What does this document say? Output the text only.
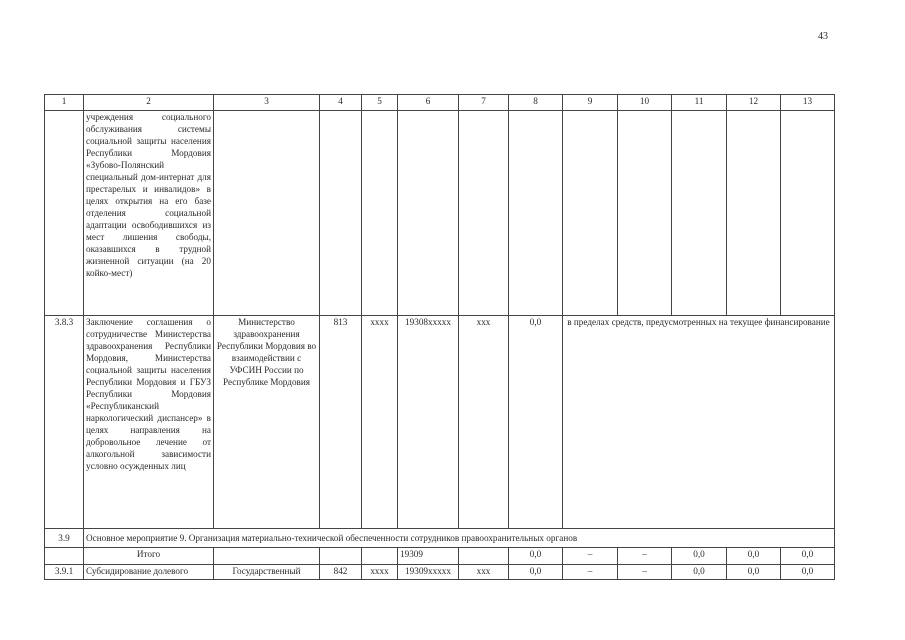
43
1	2	3	4	5	6	7	8	9	10	11	12	13
	учреждения социального обслуживания системы социальной защиты населения Республики Мордовия «Зубово-Полянский специальный дом-интернат для престарелых и инвалидов» в целях открытия на его базе отделения социальной адаптации освободившихся из мест лишения свободы, оказавшихся в трудной жизненной ситуации (на 20 койко-мест)											
3.8.3	Заключение соглашения о сотрудничестве Министерства здравоохранения Республики Мордовия, Министерства социальной защиты населения Республики Мордовия и ГБУЗ Республики Мордовия «Республиканский наркологический диспансер» в целях направления на добровольное лечение от алкогольной зависимости условно осужденных лиц	Министерство здравоохранения Республики Мордовия во взаимодействии с УФСИН России по Республике Мордовия	813	хххх	19308ххххх	ххх	0,0	в пределах средств, предусмотренных на текущее финансирование				
3.9	Основное мероприятие 9. Организация материально-технической обеспеченности сотрудников правоохранительных органов											
	Итого				19309		0,0	–	–	0,0	0,0	0,0
3.9.1	Субсидирование долевого	Государственный	842	хххх	19309ххххх	ххх	0,0	–	–	0,0	0,0	0,0
